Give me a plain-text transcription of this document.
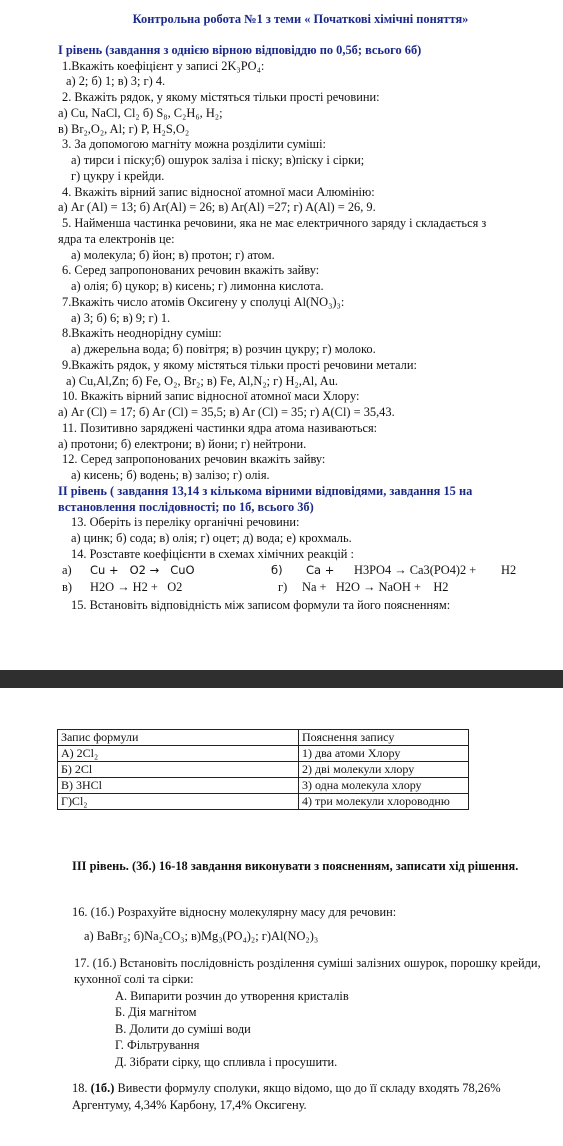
Контрольна робота №1 з теми « Початкові хімічні поняття»
І рівень (завдання з однією вірною відповіддю по 0,5б; всього 6б)
1.Вкажіть коефіцієнт у записі 2K₃PO₄:
а) 2; б) 1; в) 3; г) 4.
2. Вкажіть рядок, у якому містяться тільки прості речовини:
а) Cu, NaCl, Cl₂ б) S₈, C₂H₆, H₂;
в) Br₂,O₂, Al; г) P, H₂S,O₂
3. За допомогою магніту можна розділити суміші:
а) тирси і піску;б) ошурок заліза і піску; в)піску і сірки;
г) цукру і крейди.
4. Вкажіть вірний запис відносної атомної маси Алюмінію:
а) Ar (Al) = 13; б) Ar(Al) = 26; в) Ar(Al) =27; г) A(Al) = 26, 9.
5. Найменша частинка речовини, яка не має електричного заряду і складається з
ядра та електронів це:
а) молекула; б) йон; в) протон; г) атом.
6. Серед запропонованих речовин вкажіть зайву:
а) олія; б) цукор; в) кисень; г) лимонна кислота.
7.Вкажіть число атомів Оксигену у сполуці Al(NO₃)₃:
а) 3; б) 6; в) 9; г) 1.
8.Вкажіть неоднорідну суміш:
а) джерельна вода; б) повітря; в) розчин цукру; г) молоко.
9.Вкажіть рядок, у якому містяться тільки прості речовини метали:
а) Cu,Al,Zn; б) Fe, O₂, Br₂; в) Fe, Al,N₂; г) H₂,Al, Au.
10. Вкажіть вірний запис відносної атомної маси Хлору:
а) Ar (Cl) = 17; б) Ar (Cl) = 35,5; в) Ar (Cl) = 35; г) A(Cl) = 35,43.
11. Позитивно заряджені частинки ядра атома називаються:
а) протони; б) електрони; в) йони; г) нейтрони.
12. Серед запропонованих речовин вкажіть зайву:
а) кисень; б) водень; в) залізо; г) олія.
ІІ рівень ( завдання 13,14 з кількома вірними відповідями, завдання 15 на
встановлення послідовності; по 1б, всього 3б)
13. Оберіть із переліку органічні речовини:
а) цинк; б) сода; в) олія; г) оцет; д) вода; е) крохмаль.
14. Розставте коефіцієнти в схемах хімічних реакцій :
а) Cu +   O2 →   CuO	б) Ca + H3PO4 → Ca3(PO4)2 + H2
в) H2O → H2 +   O2	г) Na +   H2O → NaOH +    H2
15. Встановіть відповідність між записом формули та його поясненням:
Запис формули	Пояснення запису
А) 2Cl₂	1) два атоми Хлору
Б) 2Cl	2) дві молекули хлору
В) 3HCl	3) одна молекула хлору
Г)Cl₂	4) три молекули хлороводню
ІІІ рівень. (3б.) 16-18 завдання виконувати з поясненням, записати хід рішення.
16. (1б.) Розрахуйте відносну молекулярну масу для речовин:
а) BaBr₂; б)Na₂CO₃; в)Mg₃(PO₄)₂; г)Al(NO₂)₃
17. (1б.) Встановіть послідовність розділення суміші залізних ошурок, порошку крейди, кухонної солі та сірки:
А. Випарити розчин до утворення кристалів
Б. Дія магнітом
В. Долити до суміші води
Г. Фільтрування
Д. Зібрати сірку, що спливла і просушити.
18. (1б.) Вивести формулу сполуки, якщо відомо, що до її складу входять 78,26% Аргентуму, 4,34% Карбону, 17,4% Оксигену.
